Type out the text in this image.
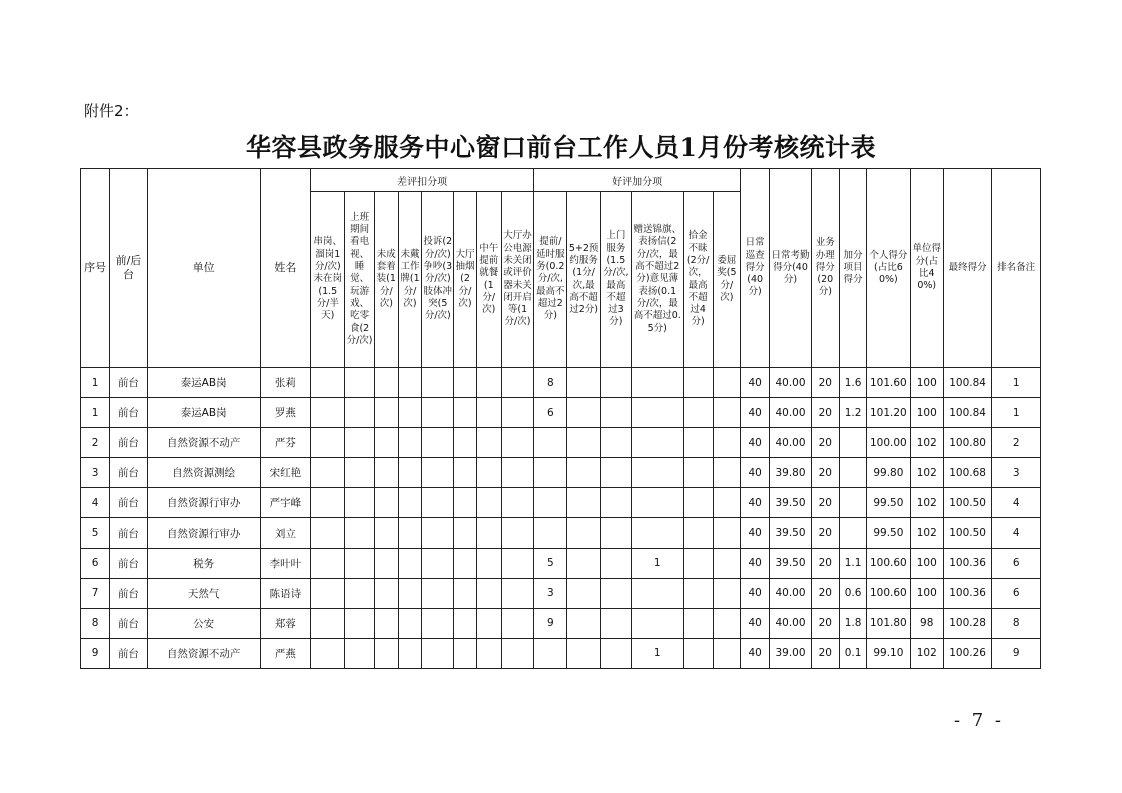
附件2：
华容县政务服务中心窗口前台工作人员1月份考核统计表
序号	前/后台	单位	姓名	差评扣分项								好评加分项						日常巡查得分(40分)	日常考勤得分(40分)	业务办理得分(20分)	加分项目得分	个人得分(占比60%)	单位得分(占比40%)	最终得分	排名备注
				串岗、溜岗1分/次)未在岗(1.5分/半天)	上班期间看电视、睡觉、玩游戏、吃零食(2分/次)	未成套着装(1分/次)	未戴工作牌(1分/次)	投诉(2分/次)争吵(3分/次)肢体冲突(5分/次)	大厅抽烟(2分/次)	中午提前就餐(1分/次)	大厅办公电源未关闭或评价器未关闭开启等(1分/次)	提前/延时服务(0.2分/次,最高不超过2分)	5+2预约服务(1分/次,最高不超过2分)	上门服务(1.5分/次,最高不超过3分)	赠送锦旗、表扬信(2分/次，最高不超过2分)意见薄表扬(0.1分/次，最高不超过0.5分)	拾金不昧(2分/次，最高不超过4分)	委屈奖(5分/次)								
1	前台	泰运AB岗	张莉									8						40	40.00	20	1.6	101.60	100	100.84	1
1	前台	泰运AB岗	罗燕									6						40	40.00	20	1.2	101.20	100	100.84	1
2	前台	自然资源不动产	严芬															40	40.00	20		100.00	102	100.80	2
3	前台	自然资源测绘	宋红艳															40	39.80	20		99.80	102	100.68	3
4	前台	自然资源行审办	严宇峰															40	39.50	20		99.50	102	100.50	4
5	前台	自然资源行审办	刘立															40	39.50	20		99.50	102	100.50	4
6	前台	税务	李叶叶									5			1			40	39.50	20	1.1	100.60	100	100.36	6
7	前台	天然气	陈语诗									3						40	40.00	20	0.6	100.60	100	100.36	6
8	前台	公安	郑蓉									9						40	40.00	20	1.8	101.80	98	100.28	8
9	前台	自然资源不动产	严燕												1			40	39.00	20	0.1	99.10	102	100.26	9
- 7 -
